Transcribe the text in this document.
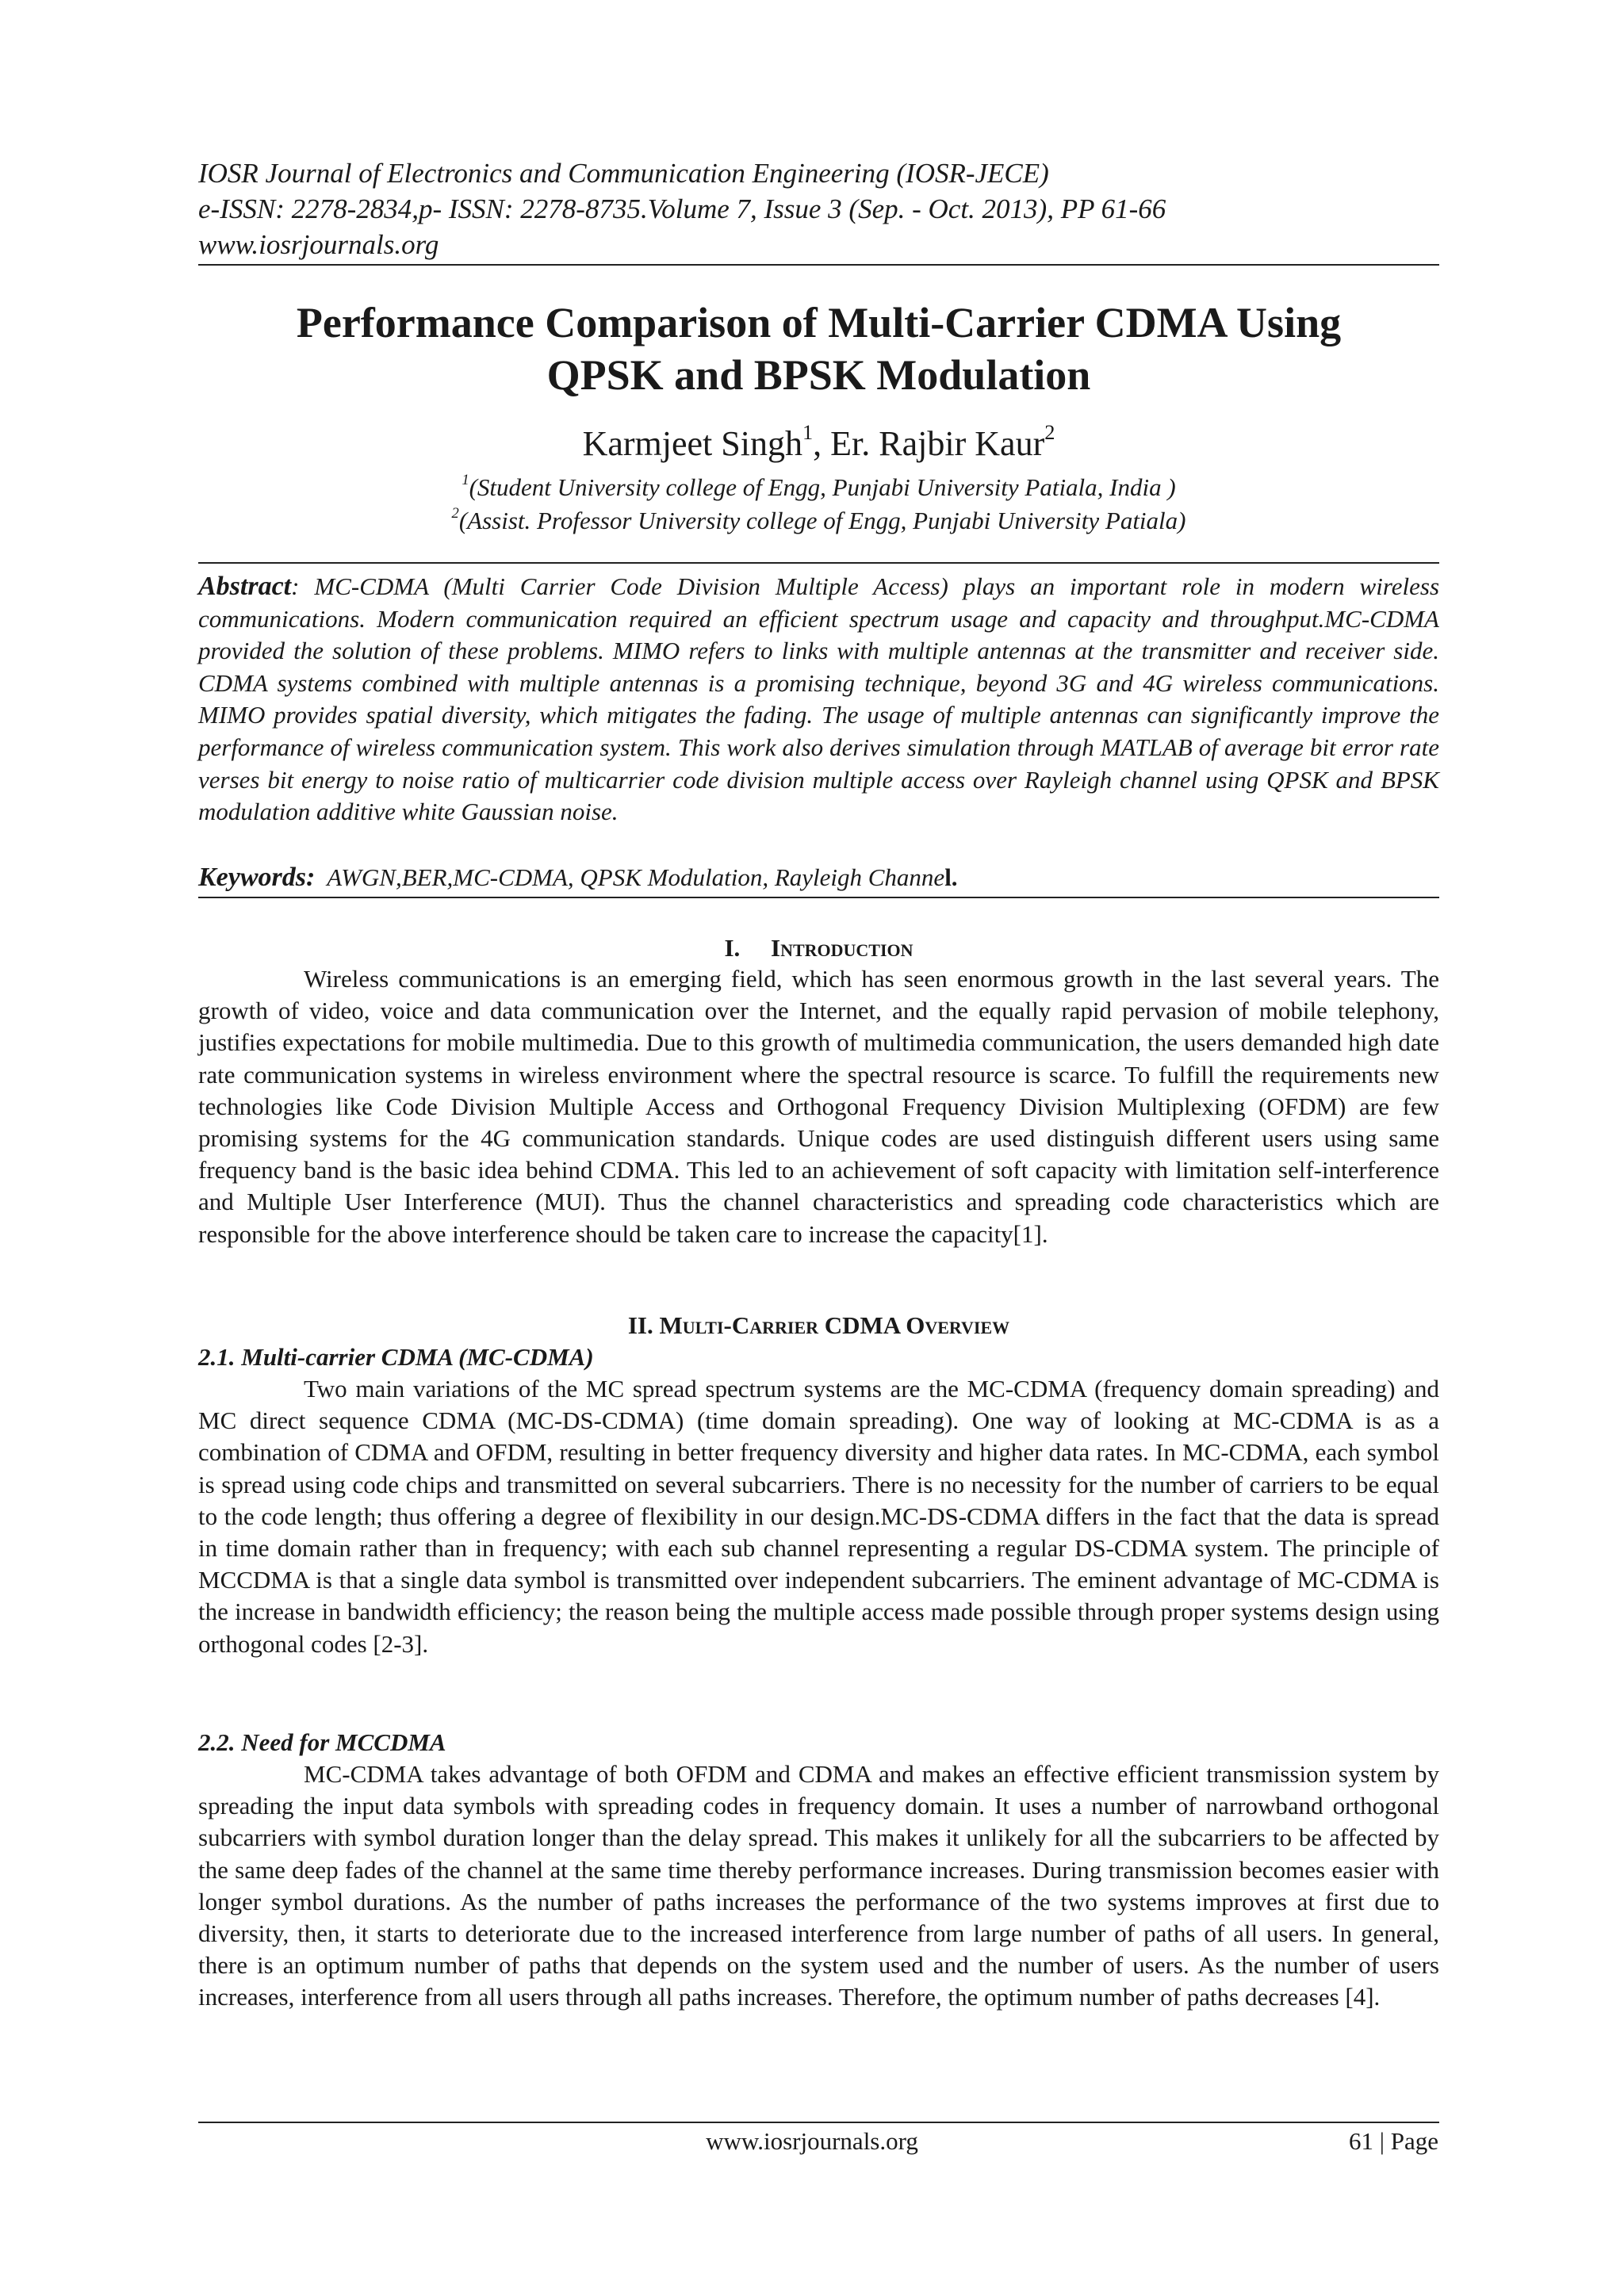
IOSR Journal of Electronics and Communication Engineering (IOSR-JECE)
e-ISSN: 2278-2834,p- ISSN: 2278-8735.Volume 7, Issue 3 (Sep. - Oct. 2013), PP 61-66
www.iosrjournals.org
Performance Comparison of Multi-Carrier CDMA Using
QPSK and BPSK Modulation
Karmjeet Singh$^1$, Er. Rajbir Kaur$^2$
$^1$(Student University college of Engg, Punjabi University Patiala, India )
$^2$(Assist. Professor University college of Engg, Punjabi University Patiala)
Abstract: MC-CDMA (Multi Carrier Code Division Multiple Access) plays an important role in modern wireless communications. Modern communication required an efficient spectrum usage and capacity and throughput.MC-CDMA provided the solution of these problems. MIMO refers to links with multiple antennas at the transmitter and receiver side. CDMA systems combined with multiple antennas is a promising technique, beyond 3G and 4G wireless communications. MIMO provides spatial diversity, which mitigates the fading. The usage of multiple antennas can significantly improve the performance of wireless communication system. This work also derives simulation through MATLAB of average bit error rate verses bit energy to noise ratio of multicarrier code division multiple access over Rayleigh channel using QPSK and BPSK modulation additive white Gaussian noise.
Keywords: AWGN,BER,MC-CDMA, QPSK Modulation, Rayleigh Channel.
I. Introduction
Wireless communications is an emerging field, which has seen enormous growth in the last several years. The growth of video, voice and data communication over the Internet, and the equally rapid pervasion of mobile telephony, justifies expectations for mobile multimedia. Due to this growth of multimedia communication, the users demanded high date rate communication systems in wireless environment where the spectral resource is scarce. To fulfill the requirements new technologies like Code Division Multiple Access and Orthogonal Frequency Division Multiplexing (OFDM) are few promising systems for the 4G communication standards. Unique codes are used distinguish different users using same frequency band is the basic idea behind CDMA. This led to an achievement of soft capacity with limitation self-interference and Multiple User Interference (MUI). Thus the channel characteristics and spreading code characteristics which are responsible for the above interference should be taken care to increase the capacity[1].
II. Multi-Carrier CDMA Overview
2.1. Multi-carrier CDMA (MC-CDMA)
Two main variations of the MC spread spectrum systems are the MC-CDMA (frequency domain spreading) and MC direct sequence CDMA (MC-DS-CDMA) (time domain spreading). One way of looking at MC-CDMA is as a combination of CDMA and OFDM, resulting in better frequency diversity and higher data rates. In MC-CDMA, each symbol is spread using code chips and transmitted on several subcarriers. There is no necessity for the number of carriers to be equal to the code length; thus offering a degree of flexibility in our design.MC-DS-CDMA differs in the fact that the data is spread in time domain rather than in frequency; with each sub channel representing a regular DS-CDMA system. The principle of MCCDMA is that a single data symbol is transmitted over independent subcarriers. The eminent advantage of MC-CDMA is the increase in bandwidth efficiency; the reason being the multiple access made possible through proper systems design using orthogonal codes [2-3].
2.2. Need for MCCDMA
MC-CDMA takes advantage of both OFDM and CDMA and makes an effective efficient transmission system by spreading the input data symbols with spreading codes in frequency domain. It uses a number of narrowband orthogonal subcarriers with symbol duration longer than the delay spread. This makes it unlikely for all the subcarriers to be affected by the same deep fades of the channel at the same time thereby performance increases. During transmission becomes easier with longer symbol durations. As the number of paths increases the performance of the two systems improves at first due to diversity, then, it starts to deteriorate due to the increased interference from large number of paths of all users. In general, there is an optimum number of paths that depends on the system used and the number of users. As the number of users increases, interference from all users through all paths increases. Therefore, the optimum number of paths decreases [4].
www.iosrjournals.org	61 | Page
